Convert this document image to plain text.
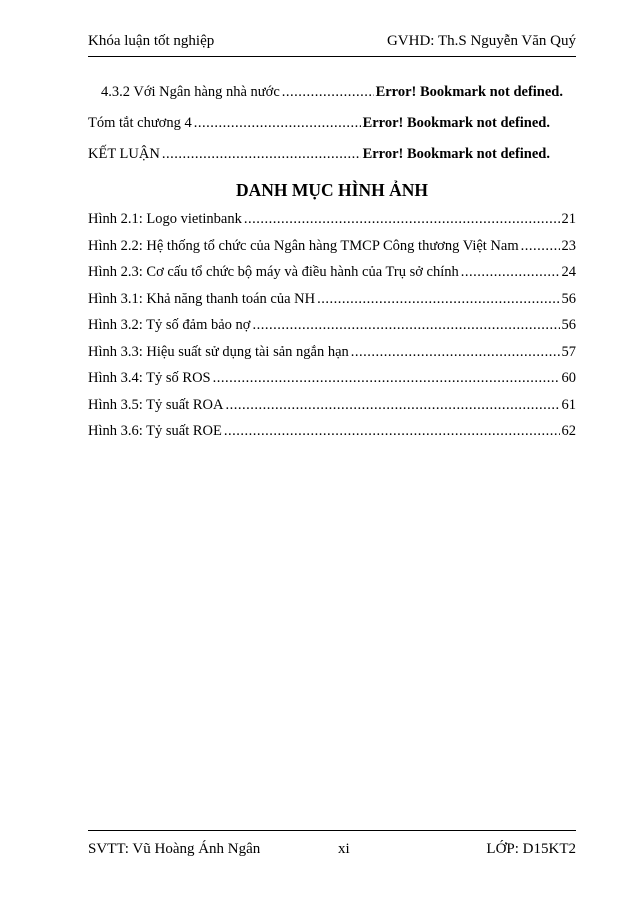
Khóa luận tốt nghiệp	GVHD: Th.S Nguyễn Văn Quý
4.3.2 Với Ngân hàng nhà nước .....	Error! Bookmark not defined.
Tóm tắt chương 4 .....	Error! Bookmark not defined.
KẾT LUẬN .....	Error! Bookmark not defined.
DANH MỤC HÌNH ẢNH
Hình 2.1: Logo vietinbank .....	21
Hình 2.2: Hệ thống tổ chức của Ngân hàng TMCP Công thương Việt Nam .....	23
Hình 2.3: Cơ cấu tổ chức bộ máy và điều hành của Trụ sở chính .....	24
Hình 3.1: Khả năng thanh toán của NH .....	56
Hình 3.2: Tỷ số đảm bảo nợ .....	56
Hình 3.3: Hiệu suất sử dụng tài sản ngắn hạn .....	57
Hình 3.4: Tỷ số ROS .....	60
Hình 3.5: Tỷ suất ROA .....	61
Hình 3.6: Tỷ suất ROE .....	62
SVTT: Vũ Hoàng Ánh Ngân	xi	LỚP: D15KT2
